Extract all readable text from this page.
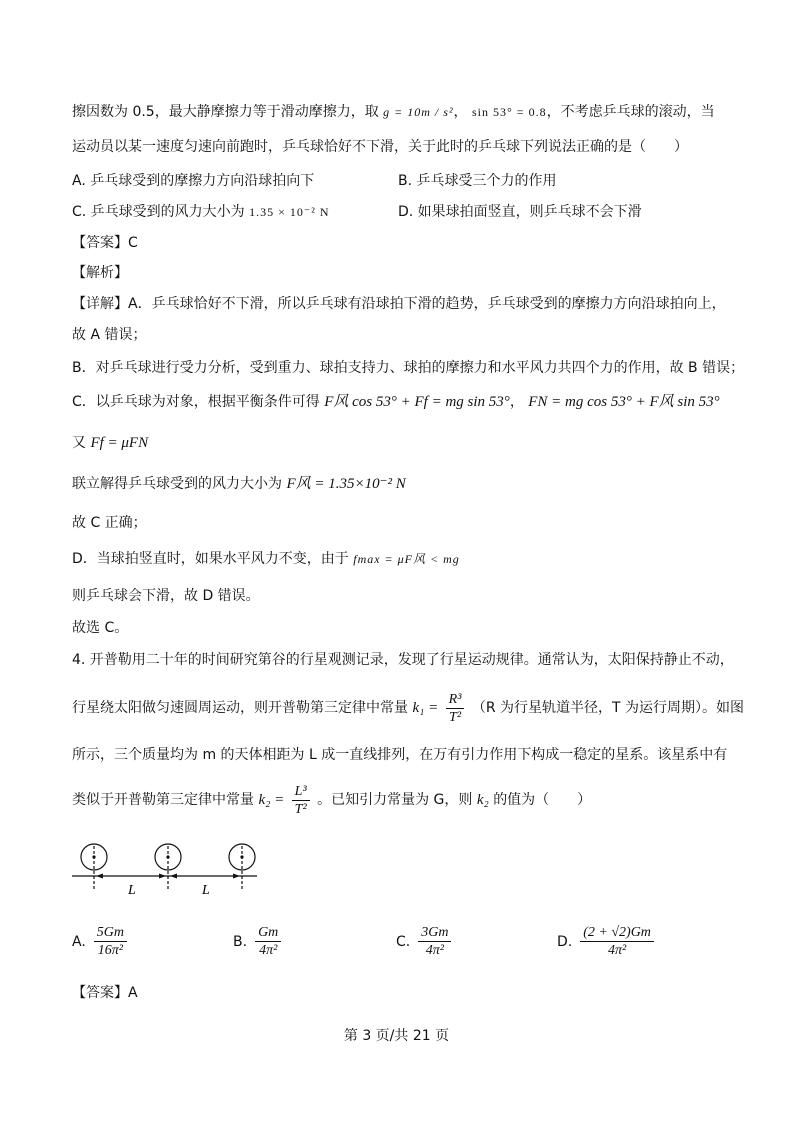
擦因数为 0.5，最大静摩擦力等于滑动摩擦力，取 g = 10m / s²， sin 53° = 0.8，不考虑乒乓球的滚动，当
运动员以某一速度匀速向前跑时，乒乓球恰好不下滑，关于此时的乒乓球下列说法正确的是（　　）
A. 乒乓球受到的摩擦力方向沿球拍向下	B. 乒乓球受三个力的作用
C. 乒乓球受到的风力大小为 1.35 × 10⁻² N	D. 如果球拍面竖直，则乒乓球不会下滑
【答案】C
【解析】
【详解】A．乒乓球恰好不下滑，所以乒乓球有沿球拍下滑的趋势，乒乓球受到的摩擦力方向沿球拍向上，
故 A 错误；
B．对乒乓球进行受力分析，受到重力、球拍支持力、球拍的摩擦力和水平风力共四个力的作用，故 B 错误；
C．以乒乓球为对象，根据平衡条件可得 F风 cos 53° + Ff = mg sin 53°， FN = mg cos 53° + F风 sin 53°
又 Ff = μFN
联立解得乒乓球受到的风力大小为 F风 = 1.35×10⁻² N
故 C 正确；
D．当球拍竖直时，如果水平风力不变，由于 fmax = μF风 < mg
则乒乓球会下滑，故 D 错误。
故选 C。
4. 开普勒用二十年的时间研究第谷的行星观测记录，发现了行星运动规律。通常认为，太阳保持静止不动，
行星绕太阳做匀速圆周运动，则开普勒第三定律中常量 $k_1 = \frac{\text{R³}}{\text{T²}} (R$ 为行星轨道半径，T 为运行周期）。如图
所示，三个质量均为 m 的天体相距为 L 成一直线排列，在万有引力作用下构成一稳定的星系。该星系中有
类似于开普勒第三定律中常量 $k_2 = \frac{\text{L³}}{\text{T²}}$ 。已知引力常量为 G，则 k₂ 的值为（　　）
L	L
A. $\frac{5Gm}{\text{16π²}}$	B. $\frac{Gm}{\text{4π²}}$	C. $\frac{3Gm}{\text{4π²}}$	D. $\frac{(2 + √2)Gm}{\text{4π²}}$
【答案】A
第 3 页/共 21 页
